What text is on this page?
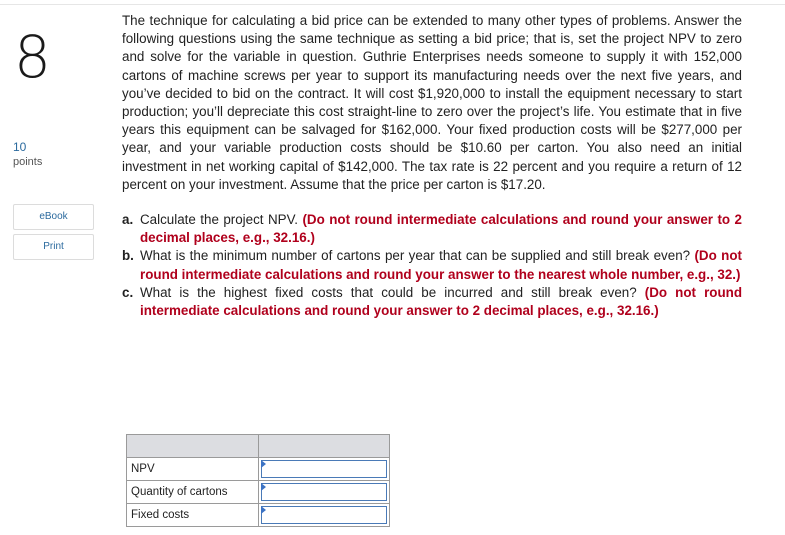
8
10
points
eBook
Print

The technique for calculating a bid price can be extended to many other types of problems. Answer the following questions using the same technique as setting a bid price; that is, set the project NPV to zero and solve for the variable in question. Guthrie Enterprises needs someone to supply it with 152,000 cartons of machine screws per year to support its manufacturing needs over the next five years, and you’ve decided to bid on the contract. It will cost $1,920,000 to install the equipment necessary to start production; you’ll depreciate this cost straight-line to zero over the project’s life. You estimate that in five years this equipment can be salvaged for $162,000. Your fixed production costs will be $277,000 per year, and your variable production costs should be $10.60 per carton. You also need an initial investment in net working capital of $142,000. The tax rate is 22 percent and you require a return of 12 percent on your investment. Assume that the price per carton is $17.20.

a. Calculate the project NPV. (Do not round intermediate calculations and round your answer to 2 decimal places, e.g., 32.16.)
b. What is the minimum number of cartons per year that can be supplied and still break even? (Do not round intermediate calculations and round your answer to the nearest whole number, e.g., 32.)
c. What is the highest fixed costs that could be incurred and still break even? (Do not round intermediate calculations and round your answer to 2 decimal places, e.g., 32.16.)

NPV	

Quantity of cartons	

Fixed costs	
